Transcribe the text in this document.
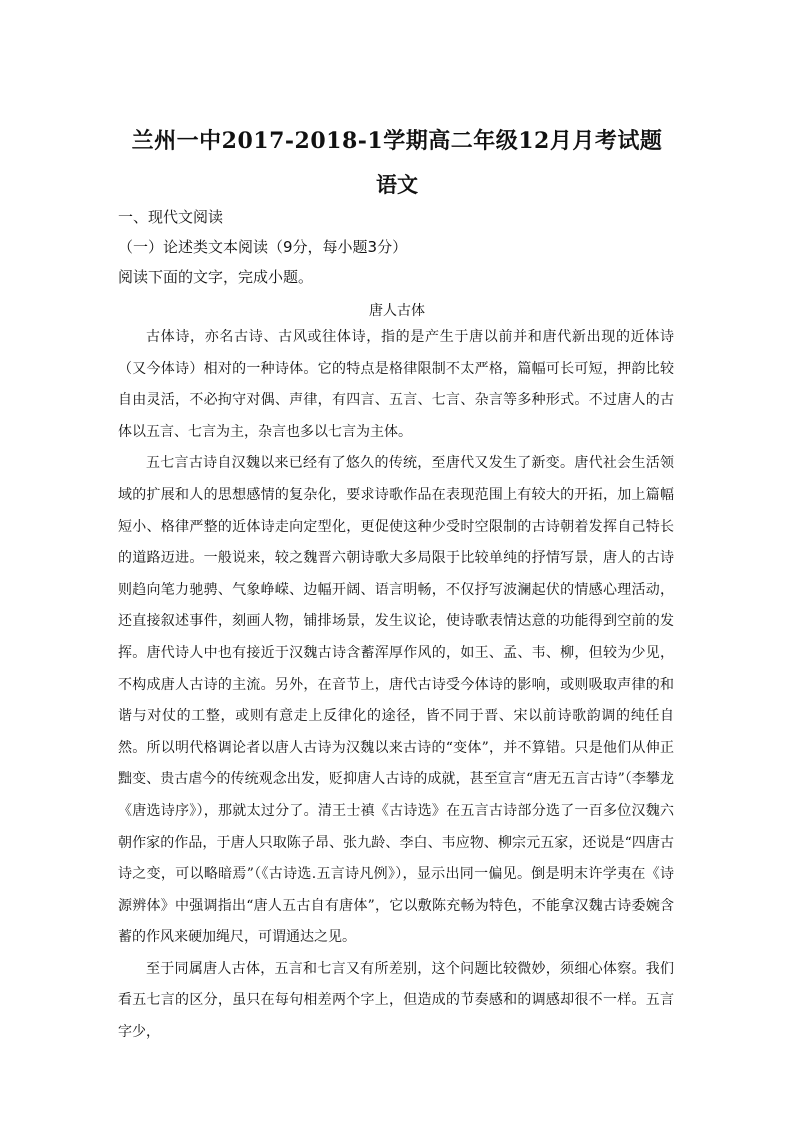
兰州一中2017-2018-1学期高二年级12月月考试题
语文
一、现代文阅读
（一）论述类文本阅读（9分，每小题3分）
阅读下面的文字，完成小题。
唐人古体

古体诗，亦名古诗、古风或往体诗，指的是产生于唐以前并和唐代新出现的近体诗（又今体诗）相对的一种诗体。它的特点是格律限制不太严格，篇幅可长可短，押韵比较自由灵活，不必拘守对偶、声律，有四言、五言、七言、杂言等多种形式。不过唐人的古体以五言、七言为主，杂言也多以七言为主体。

五七言古诗自汉魏以来已经有了悠久的传统，至唐代又发生了新变。唐代社会生活领域的扩展和人的思想感情的复杂化，要求诗歌作品在表现范围上有较大的开拓，加上篇幅短小、格律严整的近体诗走向定型化，更促使这种少受时空限制的古诗朝着发挥自己特长的道路迈进。一般说来，较之魏晋六朝诗歌大多局限于比较单纯的抒情写景，唐人的古诗则趋向笔力驰骋、气象峥嵘、边幅开阔、语言明畅，不仅抒写波澜起伏的情感心理活动，还直接叙述事件，刻画人物，铺排场景，发生议论，使诗歌表情达意的功能得到空前的发挥。唐代诗人中也有接近于汉魏古诗含蓄浑厚作风的，如王、孟、韦、柳，但较为少见，不构成唐人古诗的主流。另外，在音节上，唐代古诗受今体诗的影响，或则吸取声律的和谐与对仗的工整，或则有意走上反律化的途径，皆不同于晋、宋以前诗歌韵调的纯任自然。所以明代格调论者以唐人古诗为汉魏以来古诗的“变体”，并不算错。只是他们从伸正黜变、贵古虐今的传统观念出发，贬抑唐人古诗的成就，甚至宣言“唐无五言古诗”（李攀龙《唐选诗序》），那就太过分了。清王士禛《古诗选》在五言古诗部分选了一百多位汉魏六朝作家的作品，于唐人只取陈子昂、张九龄、李白、韦应物、柳宗元五家，还说是“四唐古诗之变，可以略暗焉”（《古诗选.五言诗凡例》），显示出同一偏见。倒是明末许学夷在《诗源辨体》中强调指出“唐人五古自有唐体”，它以敷陈充畅为特色，不能拿汉魏古诗委婉含蓄的作风来硬加绳尺，可谓通达之见。

至于同属唐人古体，五言和七言又有所差别，这个问题比较微妙，须细心体察。我们看五七言的区分，虽只在每句相差两个字上，但造成的节奏感和的调感却很不一样。五言字少，
